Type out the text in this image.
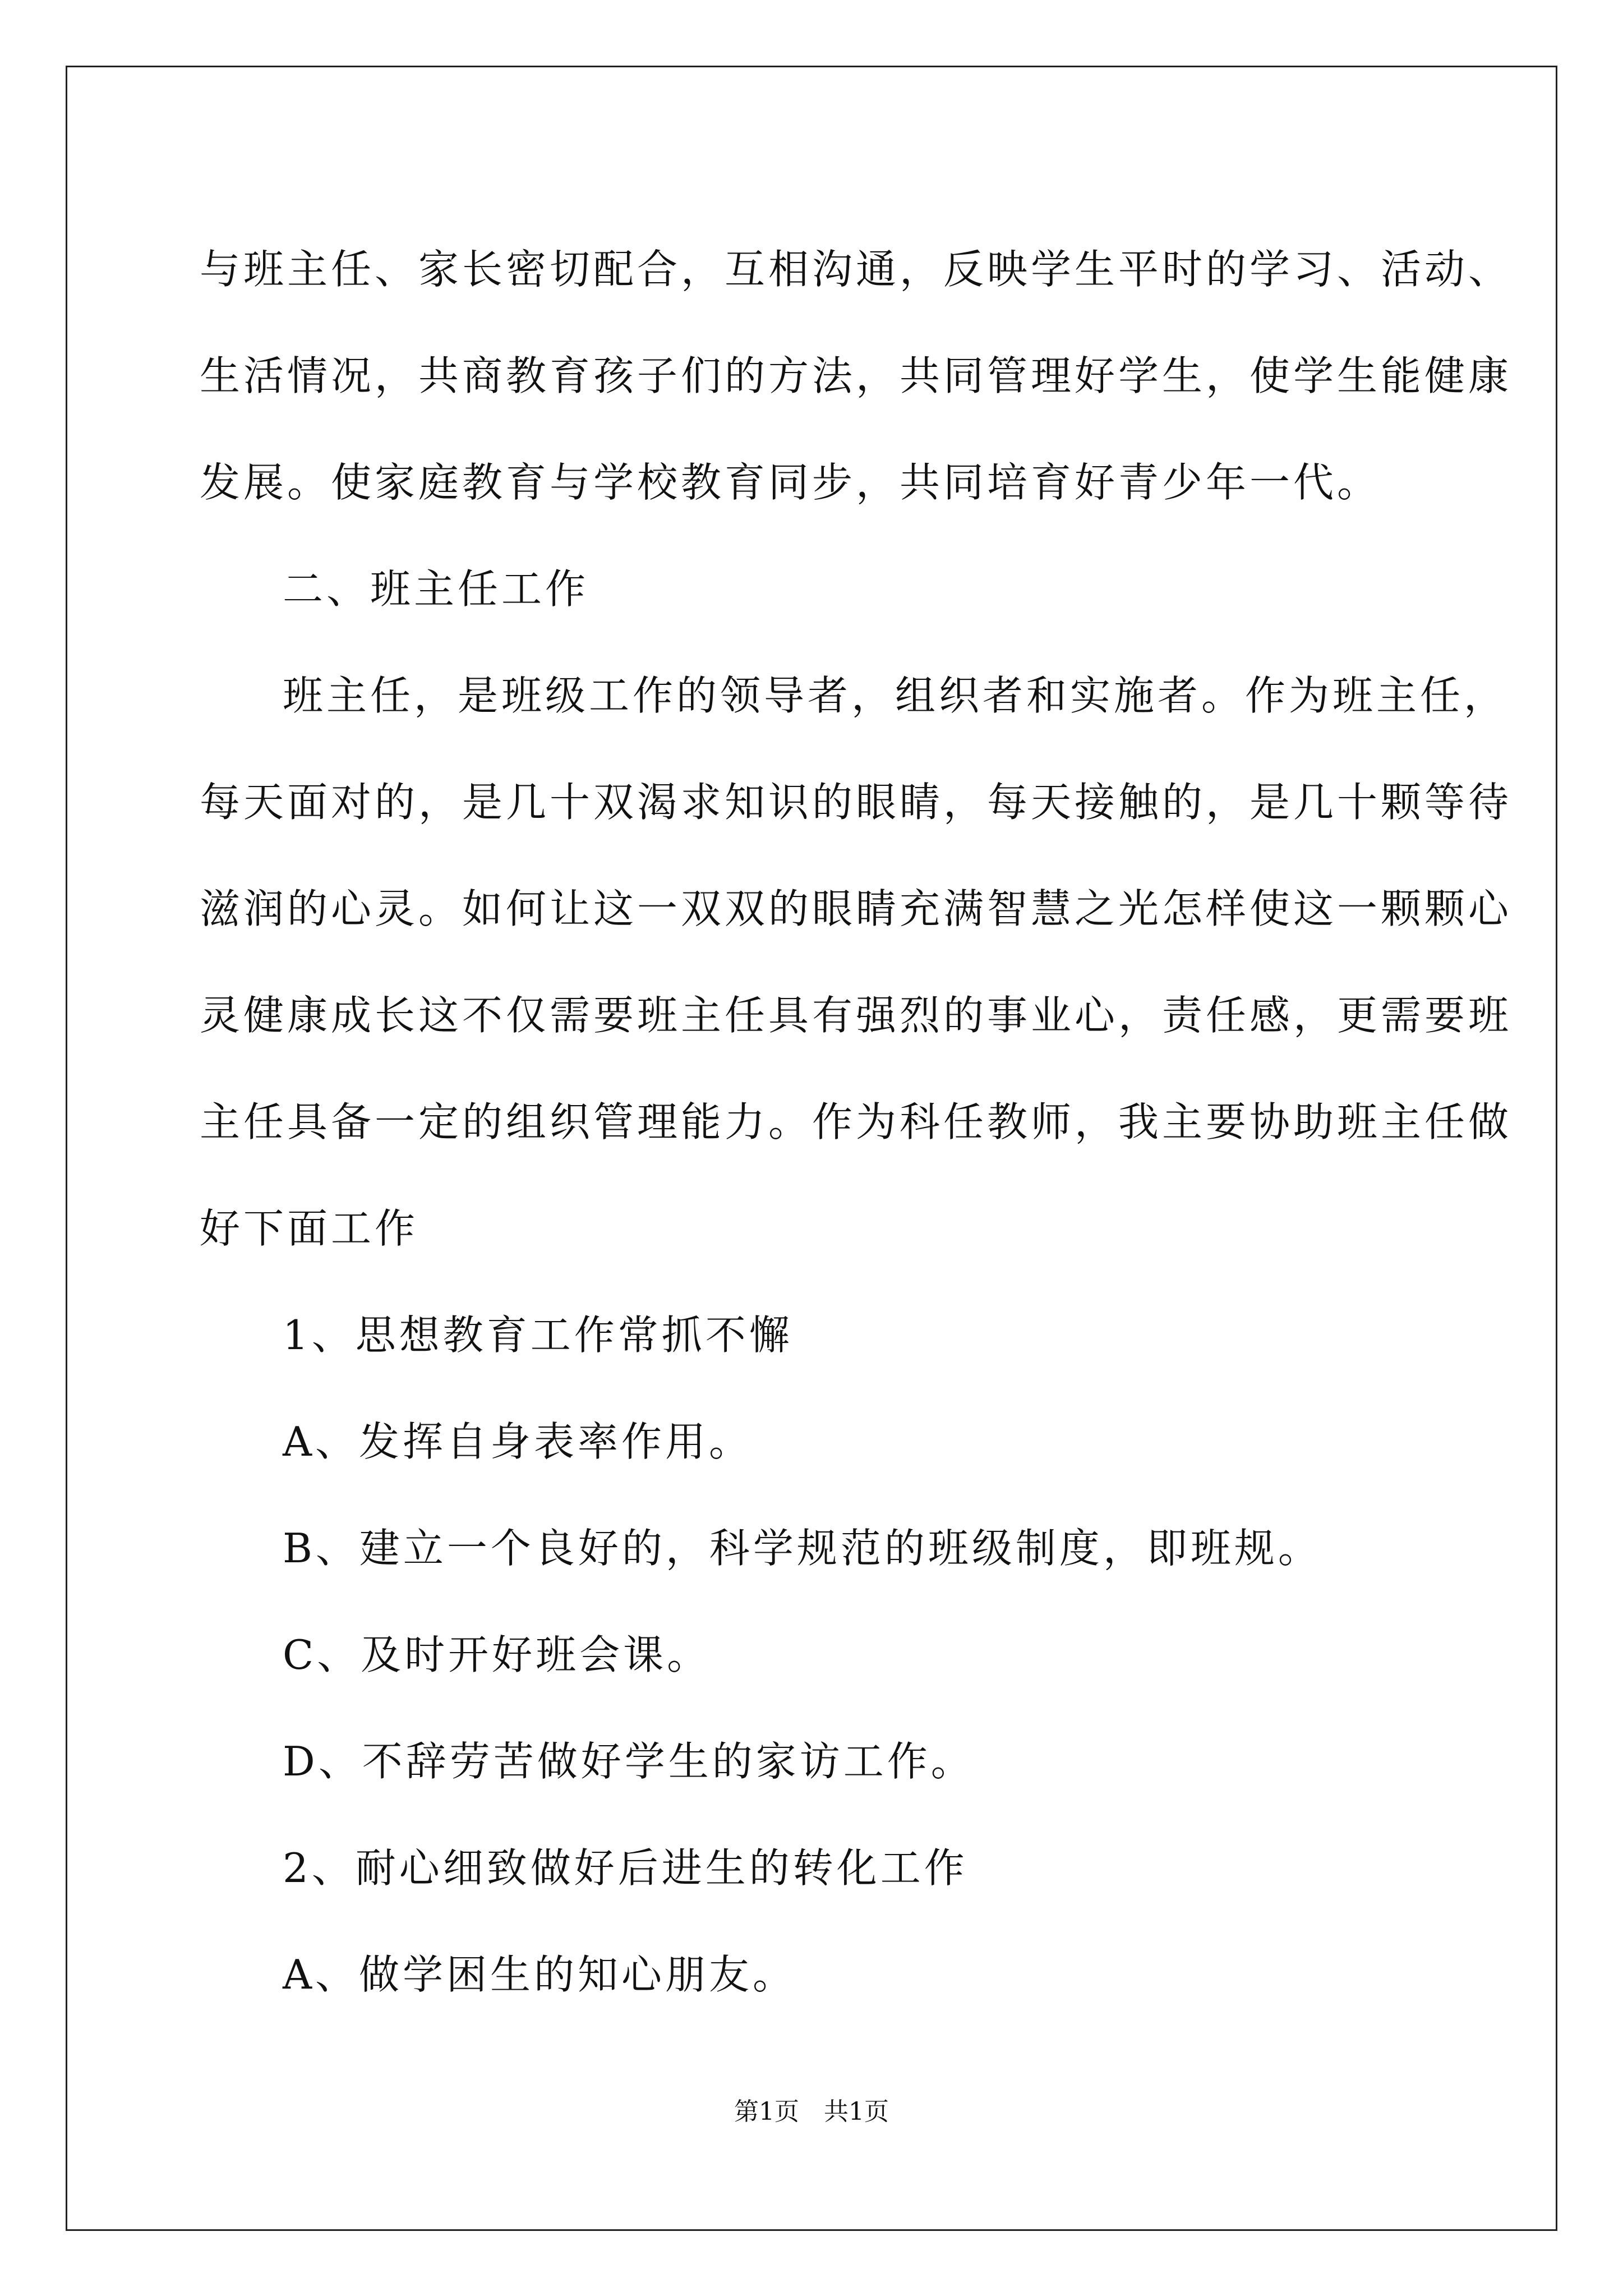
与班主任、家长密切配合，互相沟通，反映学生平时的学习、活动、

生活情况，共商教育孩子们的方法，共同管理好学生，使学生能健康

发展。使家庭教育与学校教育同步，共同培育好青少年一代。

二、班主任工作

班主任，是班级工作的领导者，组织者和实施者。作为班主任，

每天面对的，是几十双渴求知识的眼睛，每天接触的，是几十颗等待

滋润的心灵。如何让这一双双的眼睛充满智慧之光怎样使这一颗颗心

灵健康成长这不仅需要班主任具有强烈的事业心，责任感，更需要班

主任具备一定的组织管理能力。作为科任教师，我主要协助班主任做

好下面工作

1、思想教育工作常抓不懈

A、发挥自身表率作用。

B、建立一个良好的，科学规范的班级制度，即班规。

C、及时开好班会课。

D、不辞劳苦做好学生的家访工作。

2、耐心细致做好后进生的转化工作

A、做学困生的知心朋友。

第1页 共1页
